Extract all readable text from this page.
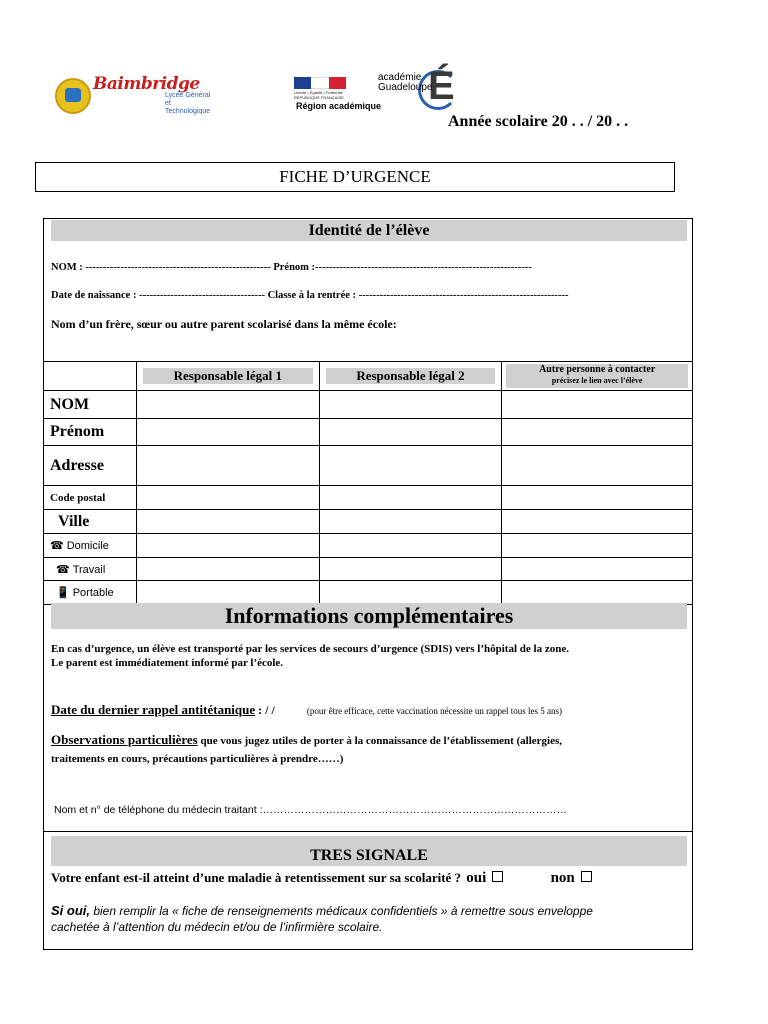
Baimbridge
Lycée Général
et Technologique
Liberté • Égalité • Fraternité RÉPUBLIQUE FRANÇAISE
Région académique É
académie
Guadeloupe
Année scolaire 20 . . / 20 . .
FICHE D’URGENCE
Identité de l’élève
NOM : ----------------------------------------------------- Prénom :--------------------------------------------------------------
Date de naissance : ------------------------------------ Classe à la rentrée : ------------------------------------------------------------
Nom d’un frère, sœur ou autre parent scolarisé dans la même école:

	Responsable légal 1	Responsable légal 2	Autre personne à contacter
précisez le lien avec l’élève

NOM			
Prénom			
Adresse			
Code postal			
Ville			
☎ Domicile			
☎ Travail			
📱 Portable			
Informations complémentaires
En cas d’urgence, un élève est transporté par les services de secours d’urgence (SDIS) vers l’hôpital de la zone.
Le parent est immédiatement informé par l’école.
Date du dernier rappel antitétanique : / /	(pour être efficace, cette vaccination nécessite un rappel tous les 5 ans)
Observations particulières que vous jugez utiles de porter à la connaissance de l’établissement (allergies,
traitements en cours, précautions particulières à prendre……)
Nom et n° de téléphone du médecin traitant :……………………………………………………………………………
TRES SIGNALE
Votre enfant est-il atteint d’une maladie à retentissement sur sa scolarité ? oui	non
Si oui, bien remplir la « fiche de renseignements médicaux confidentiels » à remettre sous enveloppe
cachetée à l’attention du médecin et/ou de l’infirmière scolaire.
